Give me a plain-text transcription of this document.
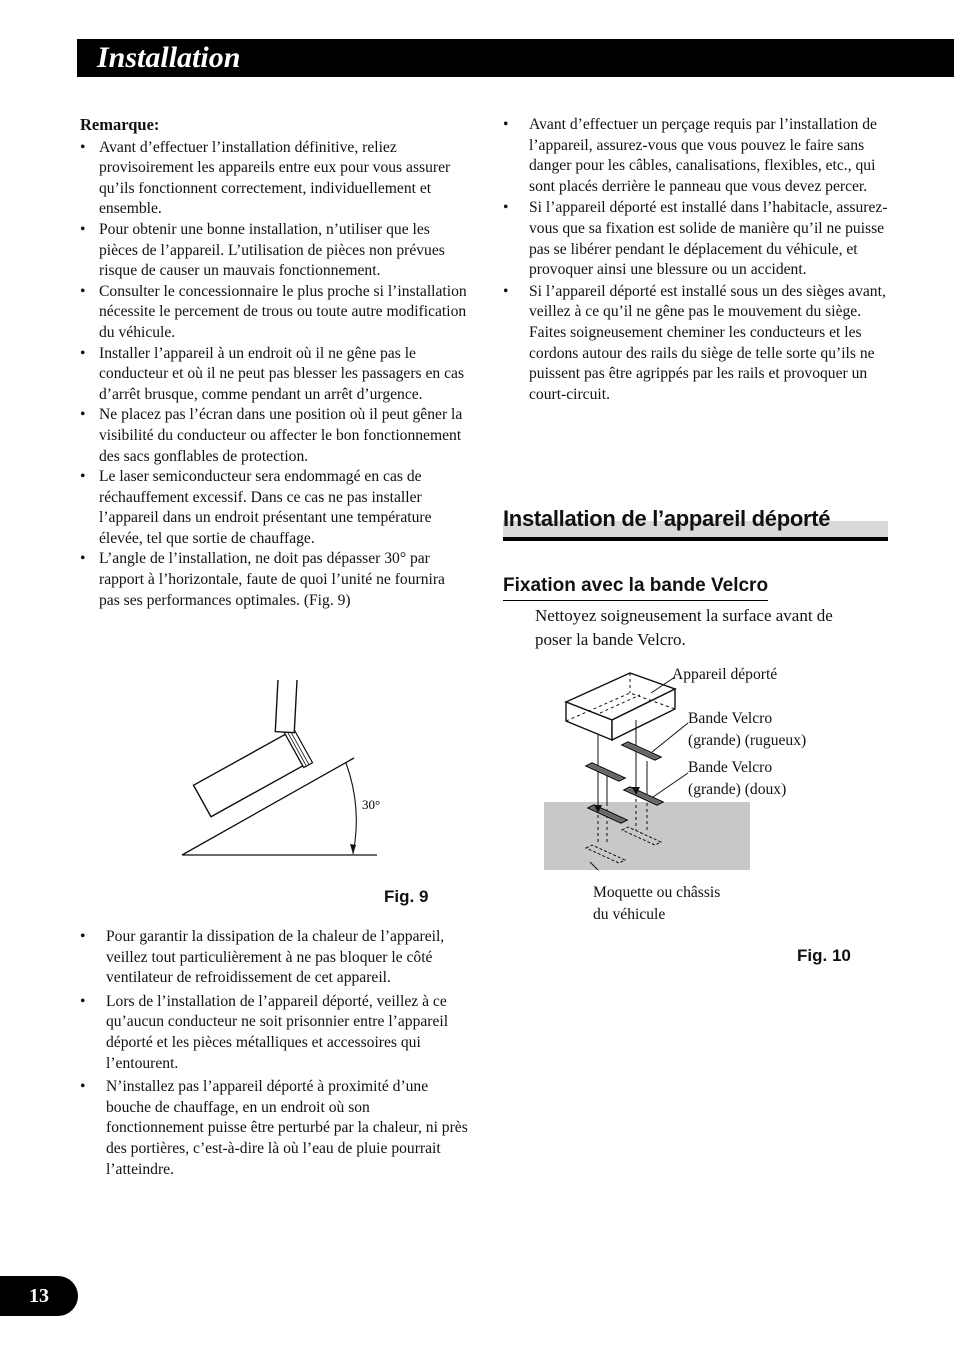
Installation
Remarque:
• Avant d’effectuer l’installation définitive, reliez provisoirement les appareils entre eux pour vous assurer qu’ils fonctionnent correctement, individuellement et ensemble.
• Pour obtenir une bonne installation, n’utiliser que les pièces de l’appareil. L’utilisation de pièces non prévues risque de causer un mauvais fonctionnement.
• Consulter le concessionnaire le plus proche si l’installation nécessite le percement de trous ou toute autre modification du véhicule.
• Installer l’appareil à un endroit où il ne gêne pas le conducteur et où il ne peut pas blesser les passagers en cas d’arrêt brusque, comme pendant un arrêt d’urgence.
• Ne placez pas l’écran dans une position où il peut gêner la visibilité du conducteur ou affecter le bon fonctionnement des sacs gonflables de protection.
• Le laser semiconducteur sera endommagé en cas de réchauffement excessif. Dans ce cas ne pas installer l’appareil dans un endroit présentant une température élevée, tel que sortie de chauffage.
• L’angle de l’installation, ne doit pas dépasser 30° par rapport à l’horizontale, faute de quoi l’unité ne fournira pas ses performances optimales. (Fig. 9)
30°
Fig. 9
• Pour garantir la dissipation de la chaleur de l’appareil, veillez tout particulièrement à ne pas bloquer le côté ventilateur de refroidissement de cet appareil.
• Lors de l’installation de l’appareil déporté, veillez à ce qu’aucun conducteur ne soit prisonnier entre l’appareil déporté et les pièces métalliques et accessoires qui l’entourent.
• N’installez pas l’appareil déporté à proximité d’une bouche de chauffage, en un endroit où son fonctionnement puisse être perturbé par la chaleur, ni près des portières, c’est-à-dire là où l’eau de pluie pourrait l’atteindre.
• Avant d’effectuer un perçage requis par l’installation de l’appareil, assurez-vous que vous pouvez le faire sans danger pour les câbles, canalisations, flexibles, etc., qui sont placés derrière le panneau que vous devez percer.
• Si l’appareil déporté est installé dans l’habitacle, assurez-vous que sa fixation est solide de manière qu’il ne puisse pas se libérer pendant le déplacement du véhicule, et provoquer ainsi une blessure ou un accident.
• Si l’appareil déporté est installé sous un des sièges avant, veillez à ce qu’il ne gêne pas le mouvement du siège. Faites soigneusement cheminer les conducteurs et les cordons autour des rails du siège de telle sorte qu’ils ne puissent pas être agrippés par les rails et provoquer un court-circuit.
Installation de l’appareil déporté
Fixation avec la bande Velcro
Nettoyez soigneusement la surface avant de poser la bande Velcro.
Appareil déporté
Bande Velcro
(grande) (rugueux)
Bande Velcro
(grande) (doux)
Moquette ou châssis
du véhicule
Fig. 10
13
